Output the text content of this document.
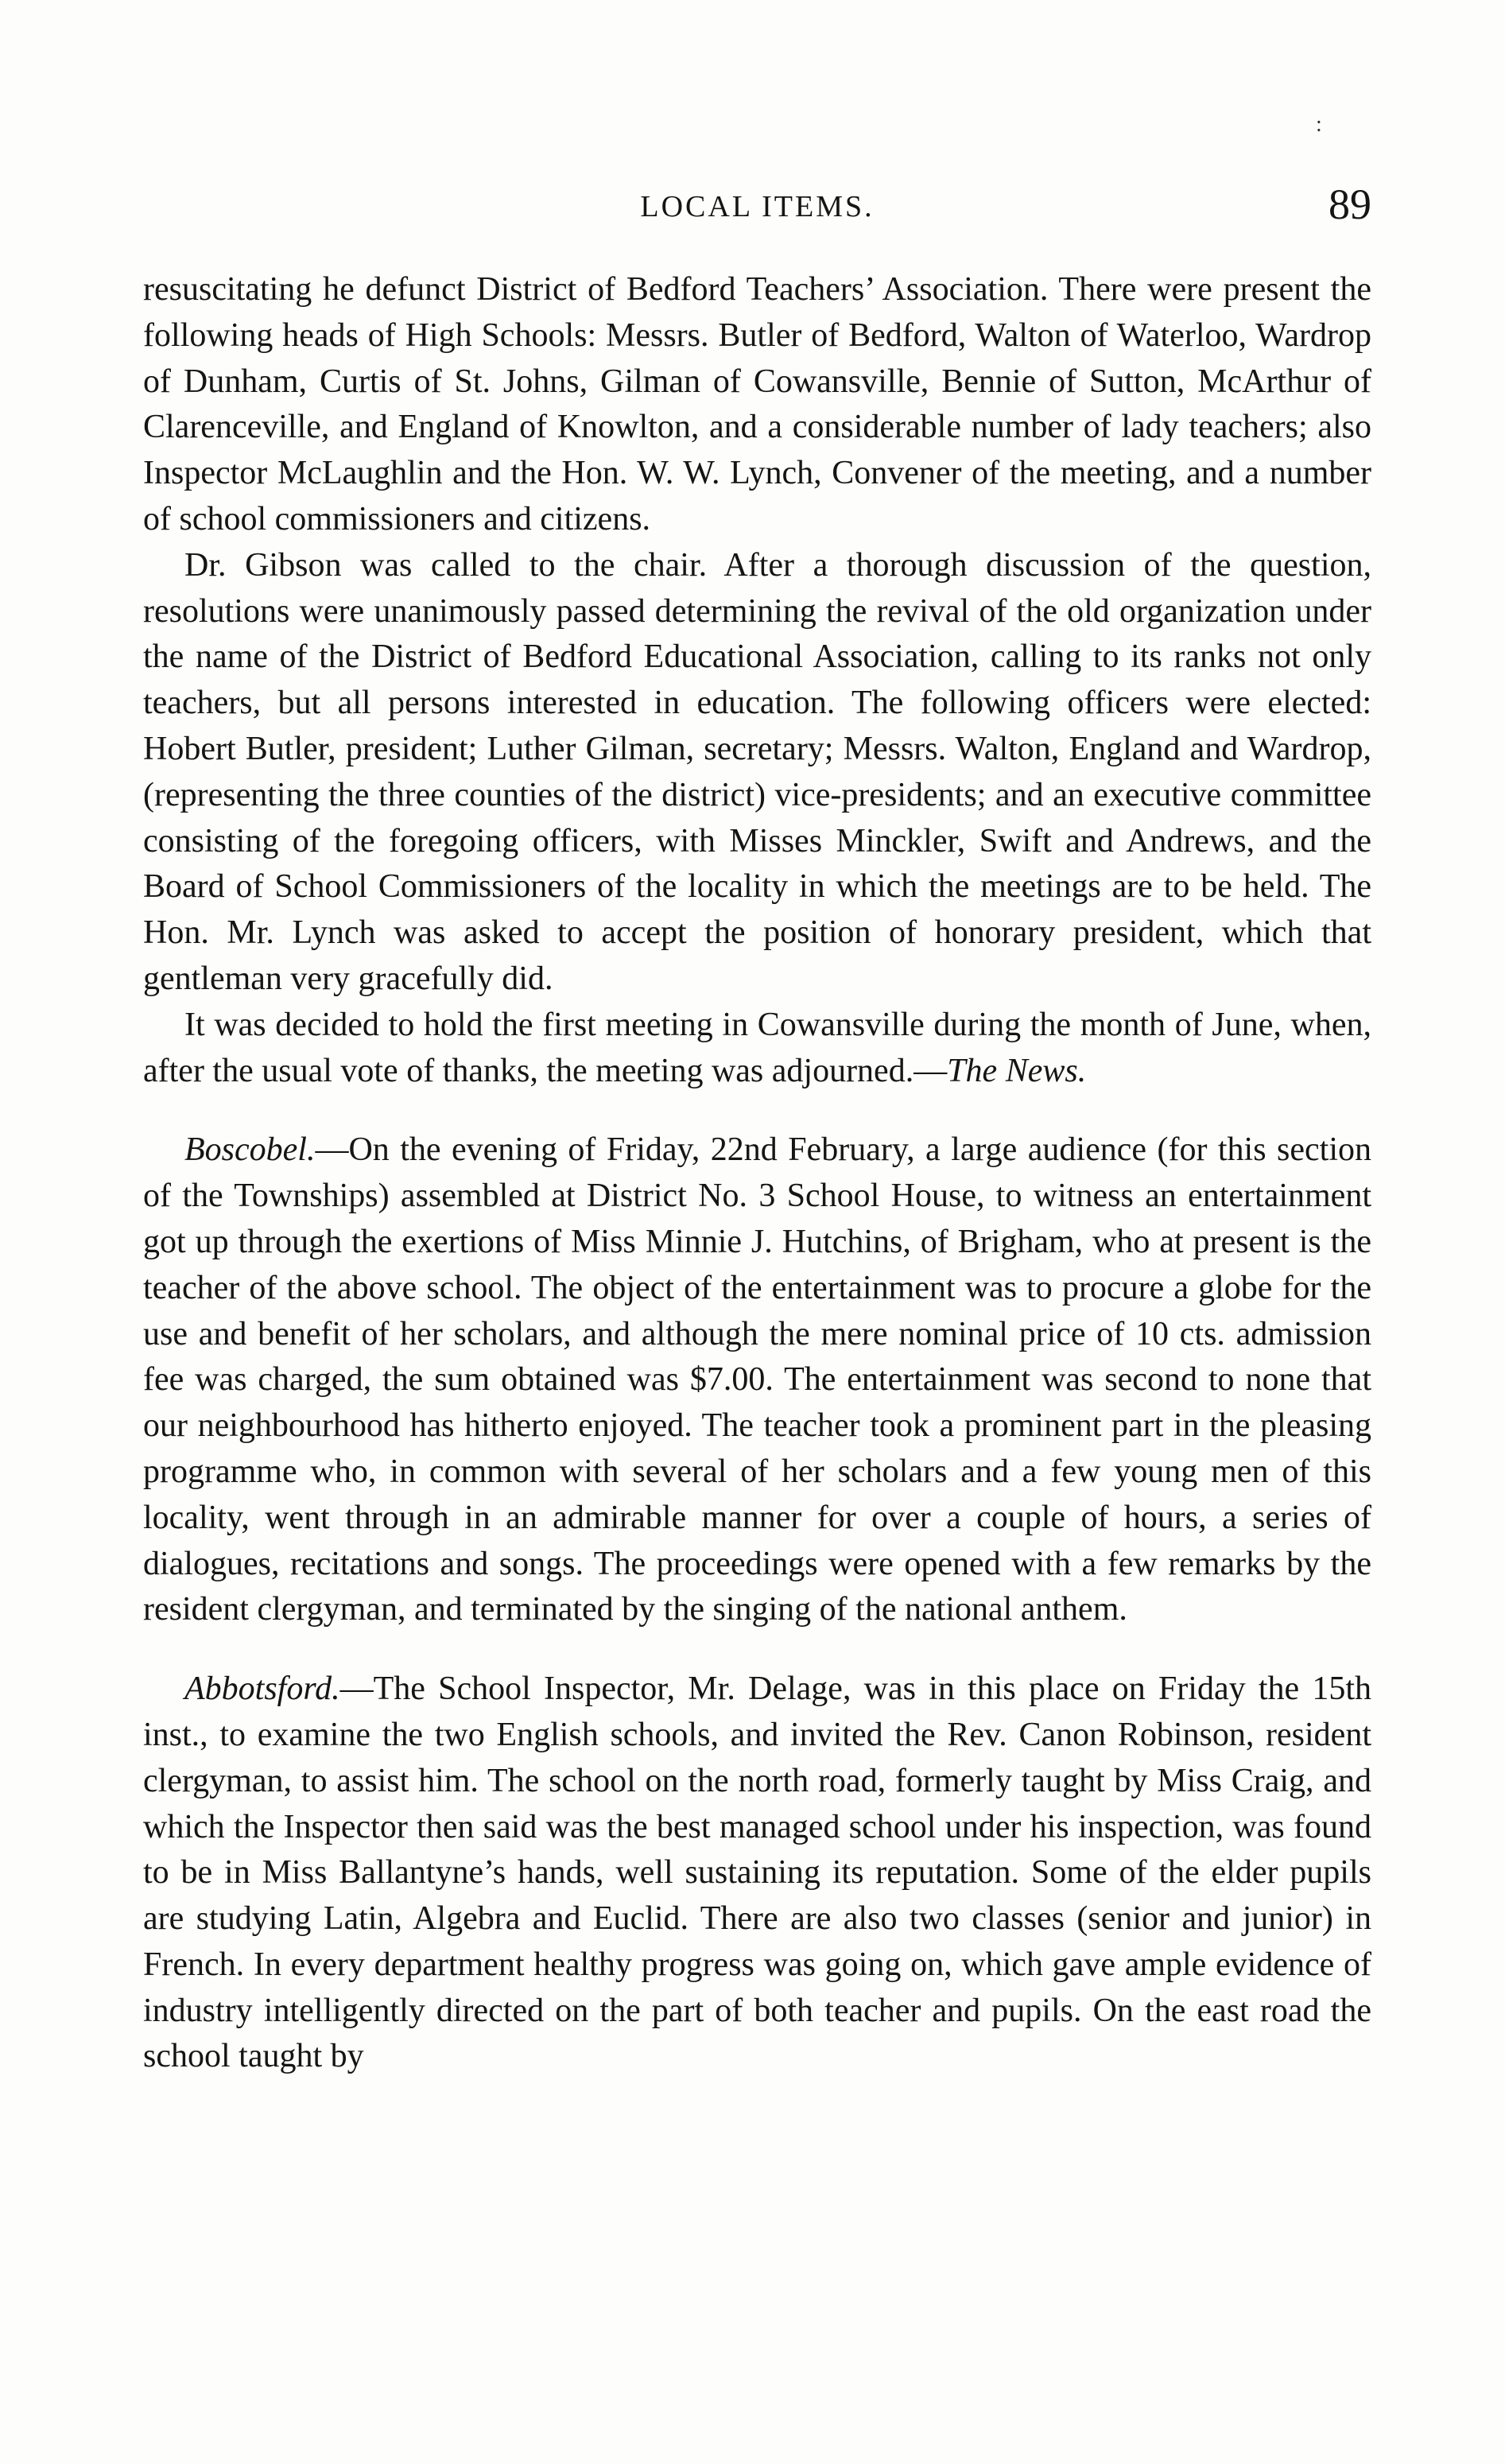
:
LOCAL ITEMS.	89

resuscitating he defunct District of Bedford Teachers’ Association. There were present the following heads of High Schools: Messrs. Butler of Bedford, Walton of Waterloo, Wardrop of Dunham, Curtis of St. Johns, Gilman of Cowansville, Bennie of Sutton, McArthur of Clarenceville, and England of Knowlton, and a considerable number of lady teachers; also Inspector McLaughlin and the Hon. W. W. Lynch, Convener of the meeting, and a number of school commissioners and citizens.

Dr. Gibson was called to the chair. After a thorough discussion of the question, resolutions were unanimously passed determining the revival of the old organization under the name of the District of Bedford Educational Association, calling to its ranks not only teachers, but all persons interested in education. The following officers were elected: Hobert Butler, president; Luther Gilman, secretary; Messrs. Walton, England and Wardrop, (representing the three counties of the district) vice-presidents; and an executive committee consisting of the foregoing officers, with Misses Minckler, Swift and Andrews, and the Board of School Commissioners of the locality in which the meetings are to be held. The Hon. Mr. Lynch was asked to accept the position of honorary president, which that gentleman very gracefully did.

It was decided to hold the first meeting in Cowansville during the month of June, when, after the usual vote of thanks, the meeting was adjourned.—The News.

Boscobel.—On the evening of Friday, 22nd February, a large audience (for this section of the Townships) assembled at District No. 3 School House, to witness an entertainment got up through the exertions of Miss Minnie J. Hutchins, of Brigham, who at present is the teacher of the above school. The object of the entertainment was to procure a globe for the use and benefit of her scholars, and although the mere nominal price of 10 cts. admission fee was charged, the sum obtained was $7.00. The entertainment was second to none that our neighbourhood has hitherto enjoyed. The teacher took a prominent part in the pleasing programme who, in common with several of her scholars and a few young men of this locality, went through in an admirable manner for over a couple of hours, a series of dialogues, recitations and songs. The proceedings were opened with a few remarks by the resident clergyman, and terminated by the singing of the national anthem.

Abbotsford.—The School Inspector, Mr. Delage, was in this place on Friday the 15th inst., to examine the two English schools, and invited the Rev. Canon Robinson, resident clergyman, to assist him. The school on the north road, formerly taught by Miss Craig, and which the Inspector then said was the best managed school under his inspection, was found to be in Miss Ballantyne’s hands, well sustaining its reputation. Some of the elder pupils are studying Latin, Algebra and Euclid. There are also two classes (senior and junior) in French. In every department healthy progress was going on, which gave ample evidence of industry intelligently directed on the part of both teacher and pupils. On the east road the school taught by
